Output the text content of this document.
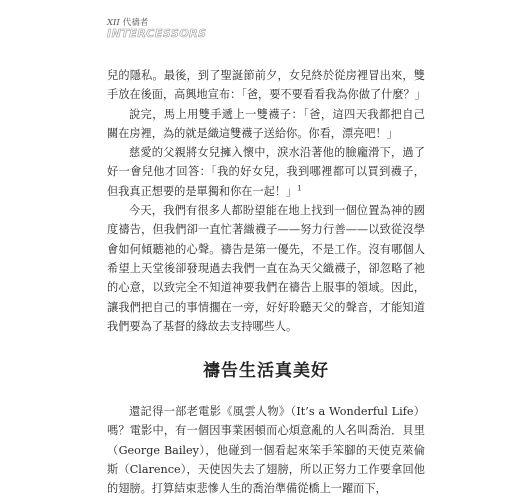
XII 代禱者
INTERCESSORS

兒的隱私。最後，到了聖誕節前夕，女兒終於從房裡冒出來，雙手放在後面，高興地宣布：「爸，要不要看看我為你做了什麼？」

說完，馬上用雙手遞上一雙襪子：「爸，這四天我都把自己關在房裡，為的就是織這雙襪子送給你。你看，漂亮吧！」

慈愛的父親將女兒擁入懷中，淚水沿著他的臉龐滑下，過了好一會兒他才回答：「我的好女兒，我到哪裡都可以買到襪子，但我真正想要的是單獨和你在一起！」$^1$

今天，我們有很多人都盼望能在地上找到一個位置為神的國度禱告，但我們卻一直忙著織襪子——努力行善——以致從沒學會如何傾聽祂的心聲。禱告是第一優先，不是工作。沒有哪個人希望上天堂後卻發現過去我們一直在為天父織襪子，卻忽略了祂的心意，以致完全不知道神要我們在禱告上服事的領域。因此，讓我們把自己的事情擱在一旁，好好聆聽天父的聲音，才能知道我們要為了基督的緣故去支持哪些人。

禱告生活真美好

還記得一部老電影《風雲人物》（It’s a Wonderful Life）嗎？電影中，有一個因事業困頓而心煩意亂的人名叫喬治．貝里（George Bailey），他碰到一個看起來笨手笨腳的天使克萊倫斯（Clarence），天使因失去了翅膀，所以正努力工作要拿回他的翅膀。打算結束悲慘人生的喬治準備從橋上一躍而下，
